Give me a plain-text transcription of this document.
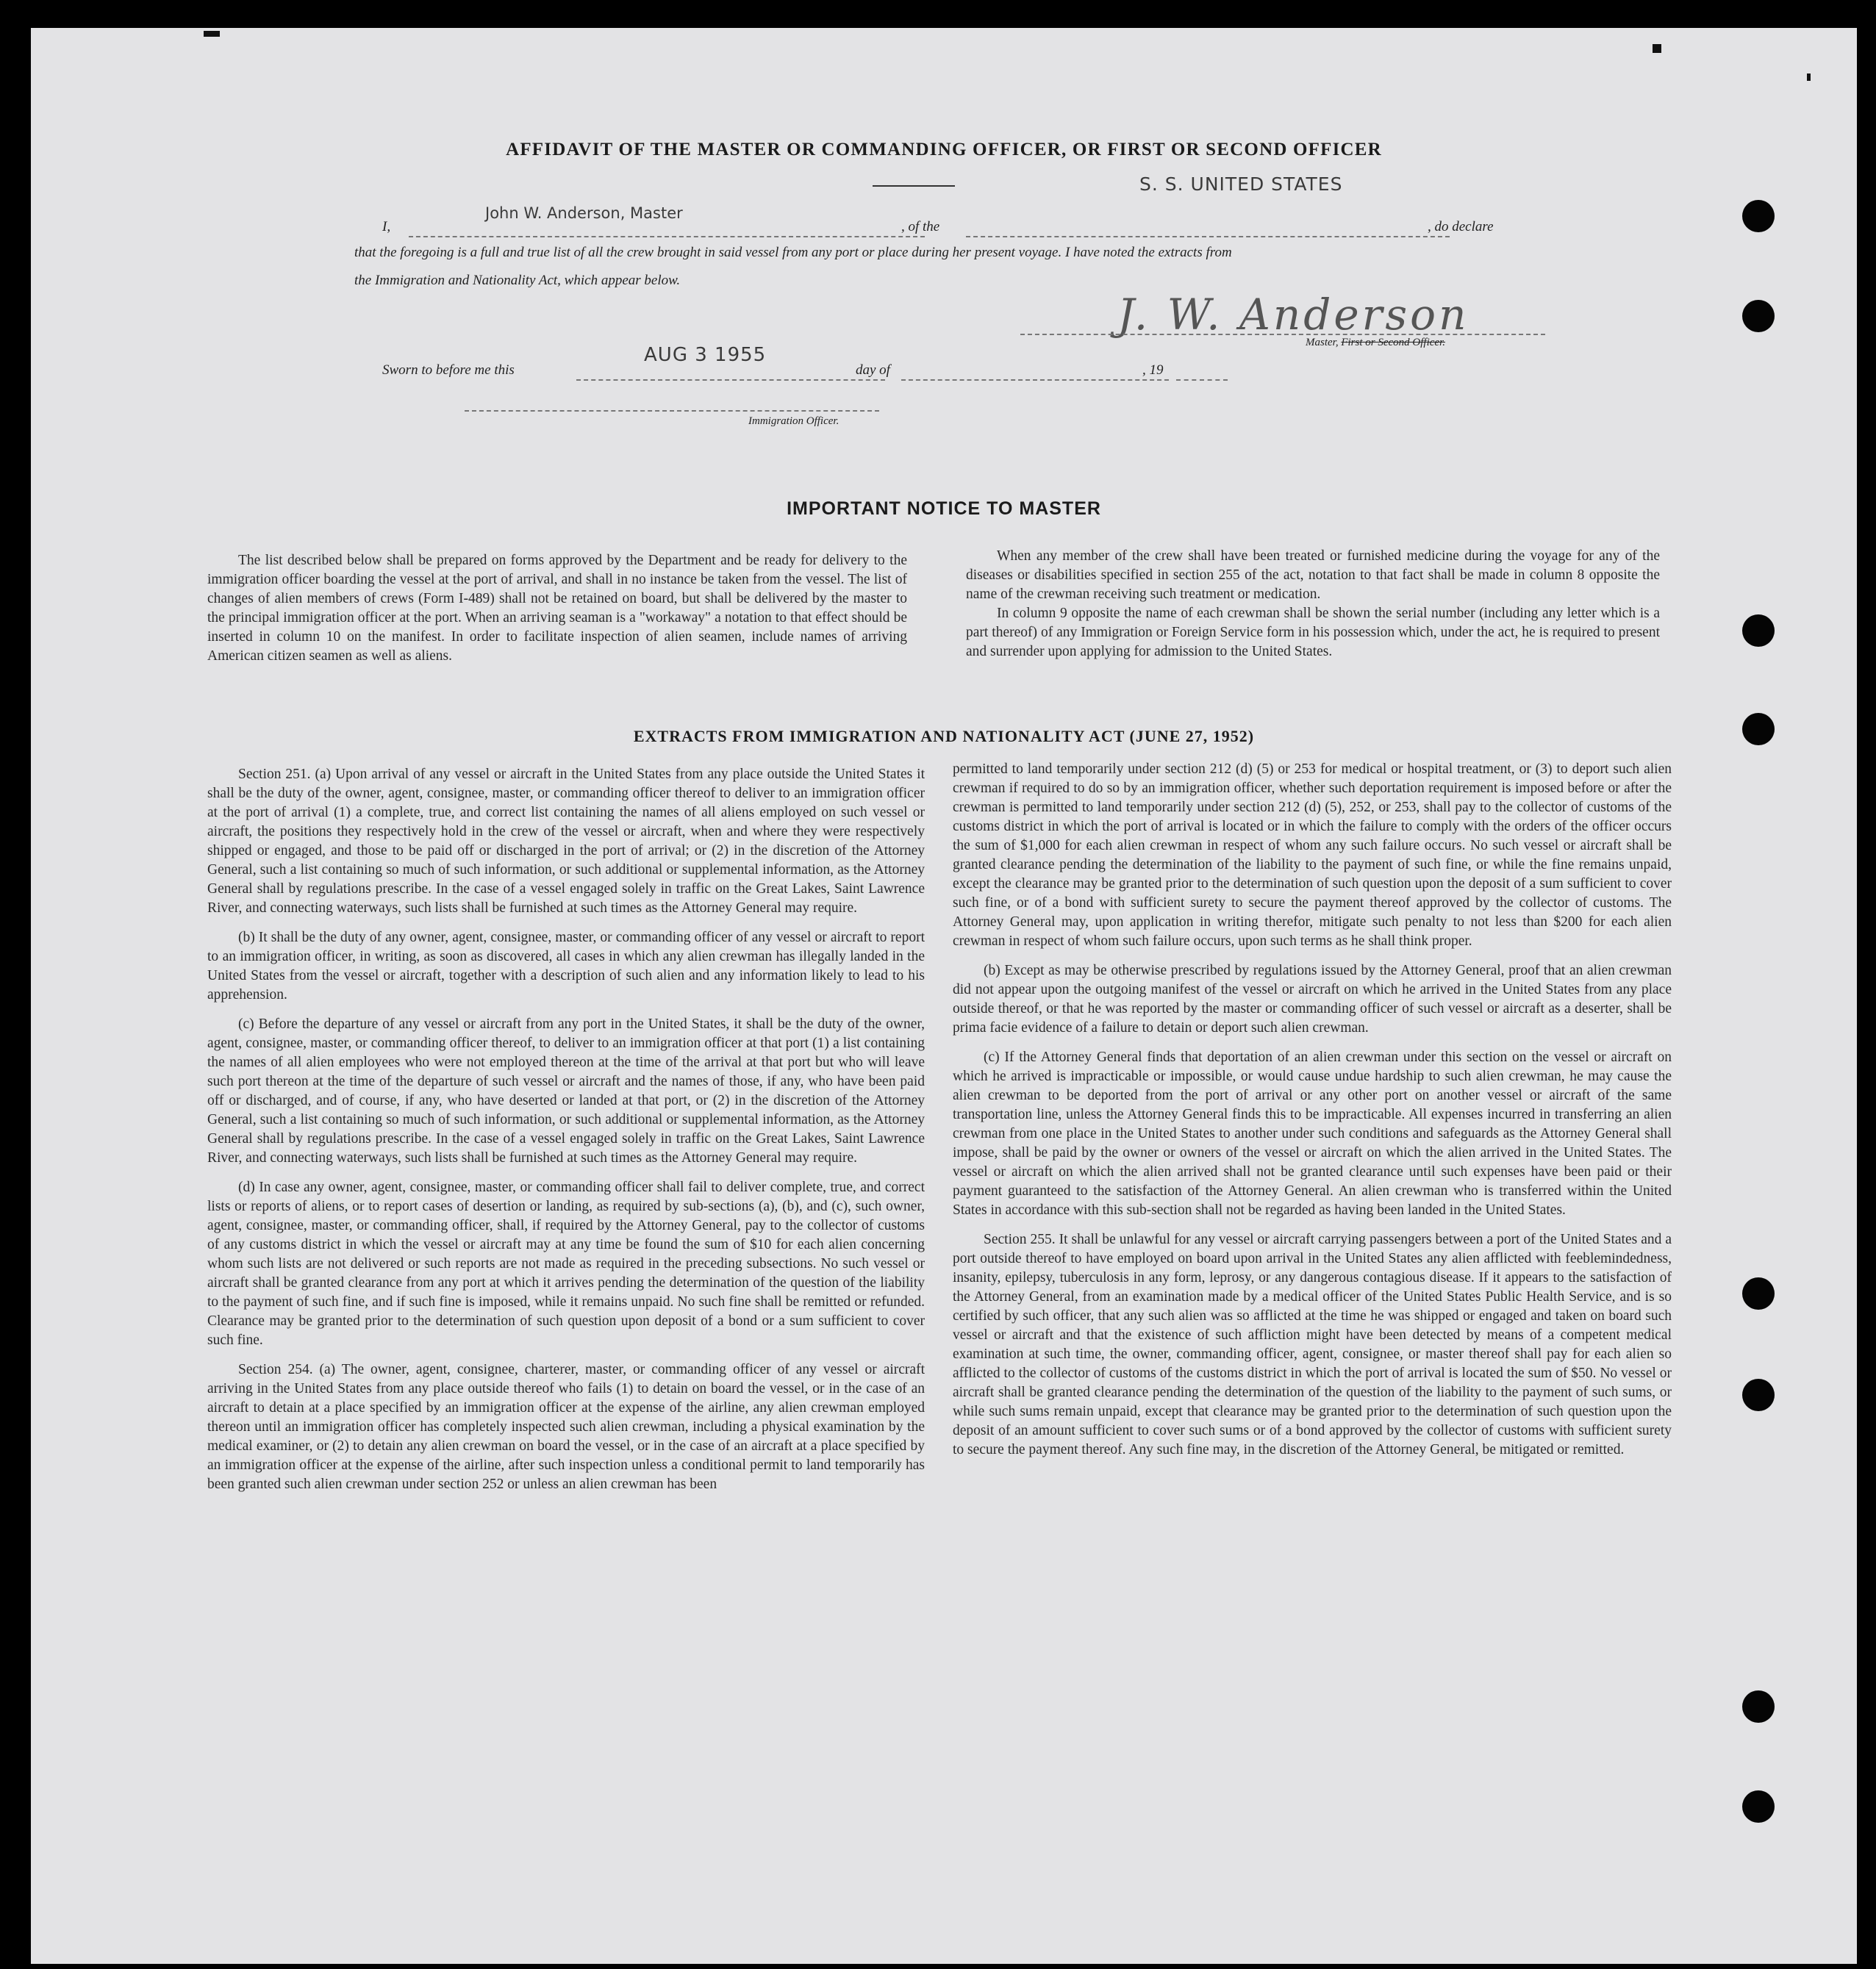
AFFIDAVIT OF THE MASTER OR COMMANDING OFFICER, OR FIRST OR SECOND OFFICER
S. S. UNITED STATES
I,
John W. Anderson, Master
, of the	, do declare
that the foregoing is a full and true list of all the crew brought in said vessel from any port or place during her present voyage. I have noted the extracts from
the Immigration and Nationality Act, which appear below.
J. W. Anderson
Master, First or Second Officer.
Sworn to before me this
AUG 3 1955
day of	, 19
Immigration Officer.
IMPORTANT NOTICE TO MASTER

The list described below shall be prepared on forms approved by the Department and be ready for delivery to the immigration officer boarding the vessel at the port of arrival, and shall in no instance be taken from the vessel. The list of changes of alien members of crews (Form I-489) shall not be retained on board, but shall be delivered by the master to the principal immigration officer at the port. When an arriving seaman is a "workaway" a notation to that effect should be inserted in column 10 on the manifest. In order to facilitate inspection of alien seamen, include names of arriving American citizen seamen as well as aliens.

When any member of the crew shall have been treated or furnished medicine during the voyage for any of the diseases or disabilities specified in section 255 of the act, notation to that fact shall be made in column 8 opposite the name of the crewman receiving such treatment or medication.

In column 9 opposite the name of each crewman shall be shown the serial number (including any letter which is a part thereof) of any Immigration or Foreign Service form in his possession which, under the act, he is required to present and surrender upon applying for admission to the United States.

EXTRACTS FROM IMMIGRATION AND NATIONALITY ACT (JUNE 27, 1952)

Section 251. (a) Upon arrival of any vessel or aircraft in the United States from any place outside the United States it shall be the duty of the owner, agent, consignee, master, or commanding officer thereof to deliver to an immigration officer at the port of arrival (1) a complete, true, and correct list containing the names of all aliens employed on such vessel or aircraft, the positions they respectively hold in the crew of the vessel or aircraft, when and where they were respectively shipped or engaged, and those to be paid off or discharged in the port of arrival; or (2) in the discretion of the Attorney General, such a list containing so much of such information, or such additional or supplemental information, as the Attorney General shall by regulations prescribe. In the case of a vessel engaged solely in traffic on the Great Lakes, Saint Lawrence River, and connecting waterways, such lists shall be furnished at such times as the Attorney General may require.

(b) It shall be the duty of any owner, agent, consignee, master, or commanding officer of any vessel or aircraft to report to an immigration officer, in writing, as soon as discovered, all cases in which any alien crewman has illegally landed in the United States from the vessel or aircraft, together with a description of such alien and any information likely to lead to his apprehension.

(c) Before the departure of any vessel or aircraft from any port in the United States, it shall be the duty of the owner, agent, consignee, master, or commanding officer thereof, to deliver to an immigration officer at that port (1) a list containing the names of all alien employees who were not employed thereon at the time of the arrival at that port but who will leave such port thereon at the time of the departure of such vessel or aircraft and the names of those, if any, who have been paid off or discharged, and of course, if any, who have deserted or landed at that port, or (2) in the discretion of the Attorney General, such a list containing so much of such information, or such additional or supplemental information, as the Attorney General shall by regulations prescribe. In the case of a vessel engaged solely in traffic on the Great Lakes, Saint Lawrence River, and connecting waterways, such lists shall be furnished at such times as the Attorney General may require.

(d) In case any owner, agent, consignee, master, or commanding officer shall fail to deliver complete, true, and correct lists or reports of aliens, or to report cases of desertion or landing, as required by sub-sections (a), (b), and (c), such owner, agent, consignee, master, or commanding officer, shall, if required by the Attorney General, pay to the collector of customs of any customs district in which the vessel or aircraft may at any time be found the sum of $10 for each alien concerning whom such lists are not delivered or such reports are not made as required in the preceding subsections. No such vessel or aircraft shall be granted clearance from any port at which it arrives pending the determination of the question of the liability to the payment of such fine, and if such fine is imposed, while it remains unpaid. No such fine shall be remitted or refunded. Clearance may be granted prior to the determination of such question upon deposit of a bond or a sum sufficient to cover such fine.

Section 254. (a) The owner, agent, consignee, charterer, master, or commanding officer of any vessel or aircraft arriving in the United States from any place outside thereof who fails (1) to detain on board the vessel, or in the case of an aircraft to detain at a place specified by an immigration officer at the expense of the airline, any alien crewman employed thereon until an immigration officer has completely inspected such alien crewman, including a physical examination by the medical examiner, or (2) to detain any alien crewman on board the vessel, or in the case of an aircraft at a place specified by an immigration officer at the expense of the airline, after such inspection unless a conditional permit to land temporarily has been granted such alien crewman under section 252 or unless an alien crewman has been

permitted to land temporarily under section 212 (d) (5) or 253 for medical or hospital treatment, or (3) to deport such alien crewman if required to do so by an immigration officer, whether such deportation requirement is imposed before or after the crewman is permitted to land temporarily under section 212 (d) (5), 252, or 253, shall pay to the collector of customs of the customs district in which the port of arrival is located or in which the failure to comply with the orders of the officer occurs the sum of $1,000 for each alien crewman in respect of whom any such failure occurs. No such vessel or aircraft shall be granted clearance pending the determination of the liability to the payment of such fine, or while the fine remains unpaid, except the clearance may be granted prior to the determination of such question upon the deposit of a sum sufficient to cover such fine, or of a bond with sufficient surety to secure the payment thereof approved by the collector of customs. The Attorney General may, upon application in writing therefor, mitigate such penalty to not less than $200 for each alien crewman in respect of whom such failure occurs, upon such terms as he shall think proper.

(b) Except as may be otherwise prescribed by regulations issued by the Attorney General, proof that an alien crewman did not appear upon the outgoing manifest of the vessel or aircraft on which he arrived in the United States from any place outside thereof, or that he was reported by the master or commanding officer of such vessel or aircraft as a deserter, shall be prima facie evidence of a failure to detain or deport such alien crewman.

(c) If the Attorney General finds that deportation of an alien crewman under this section on the vessel or aircraft on which he arrived is impracticable or impossible, or would cause undue hardship to such alien crewman, he may cause the alien crewman to be deported from the port of arrival or any other port on another vessel or aircraft of the same transportation line, unless the Attorney General finds this to be impracticable. All expenses incurred in transferring an alien crewman from one place in the United States to another under such conditions and safeguards as the Attorney General shall impose, shall be paid by the owner or owners of the vessel or aircraft on which the alien arrived in the United States. The vessel or aircraft on which the alien arrived shall not be granted clearance until such expenses have been paid or their payment guaranteed to the satisfaction of the Attorney General. An alien crewman who is transferred within the United States in accordance with this sub-section shall not be regarded as having been landed in the United States.

Section 255. It shall be unlawful for any vessel or aircraft carrying passengers between a port of the United States and a port outside thereof to have employed on board upon arrival in the United States any alien afflicted with feeblemindedness, insanity, epilepsy, tuberculosis in any form, leprosy, or any dangerous contagious disease. If it appears to the satisfaction of the Attorney General, from an examination made by a medical officer of the United States Public Health Service, and is so certified by such officer, that any such alien was so afflicted at the time he was shipped or engaged and taken on board such vessel or aircraft and that the existence of such affliction might have been detected by means of a competent medical examination at such time, the owner, commanding officer, agent, consignee, or master thereof shall pay for each alien so afflicted to the collector of customs of the customs district in which the port of arrival is located the sum of $50. No vessel or aircraft shall be granted clearance pending the determination of the question of the liability to the payment of such sums, or while such sums remain unpaid, except that clearance may be granted prior to the determination of such question upon the deposit of an amount sufficient to cover such sums or of a bond approved by the collector of customs with sufficient surety to secure the payment thereof. Any such fine may, in the discretion of the Attorney General, be mitigated or remitted.
